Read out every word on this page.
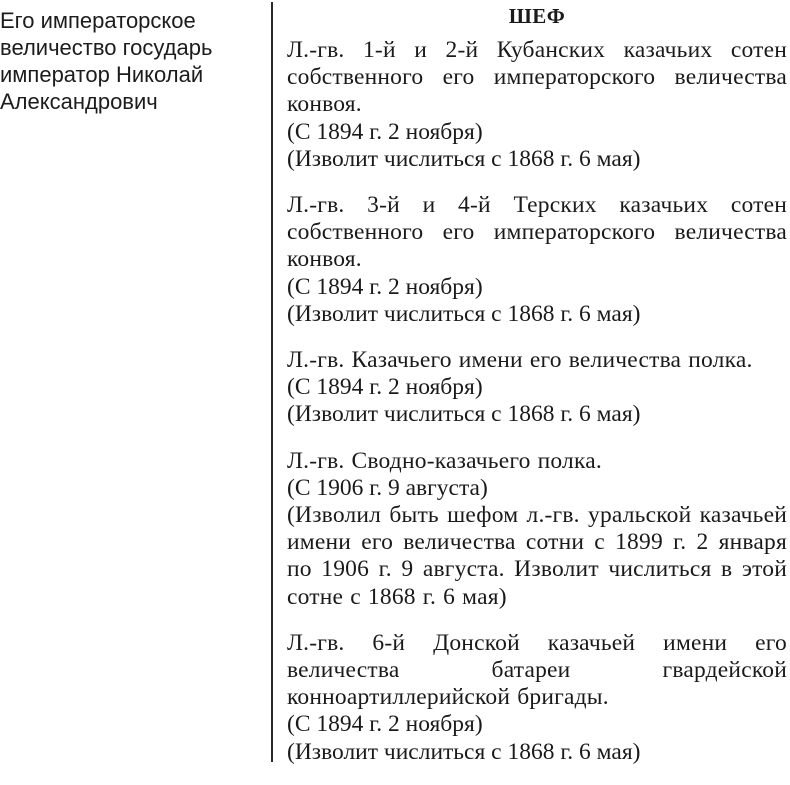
Его императорское величество государь император Николай Александрович
ШЕФ
Л.-гв. 1-й и 2-й Кубанских казачьих сотен собственного его императорского величества конвоя.
(С 1894 г. 2 ноября)
(Изволит числиться с 1868 г. 6 мая)
Л.-гв. 3-й и 4-й Терских казачьих сотен собственного его императорского величества конвоя.
(С 1894 г. 2 ноября)
(Изволит числиться с 1868 г. 6 мая)
Л.-гв. Казачьего имени его величества полка.
(С 1894 г. 2 ноября)
(Изволит числиться с 1868 г. 6 мая)
Л.-гв. Сводно-казачьего полка.
(С 1906 г. 9 августа)
(Изволил быть шефом л.-гв. уральской казачьей имени его величества сотни с 1899 г. 2 января по 1906 г. 9 августа. Изволит числиться в этой сотне с 1868 г. 6 мая)
Л.-гв. 6-й Донской казачьей имени его величества батареи гвардейской конноартиллерийской бригады.
(С 1894 г. 2 ноября)
(Изволит числиться с 1868 г. 6 мая)
